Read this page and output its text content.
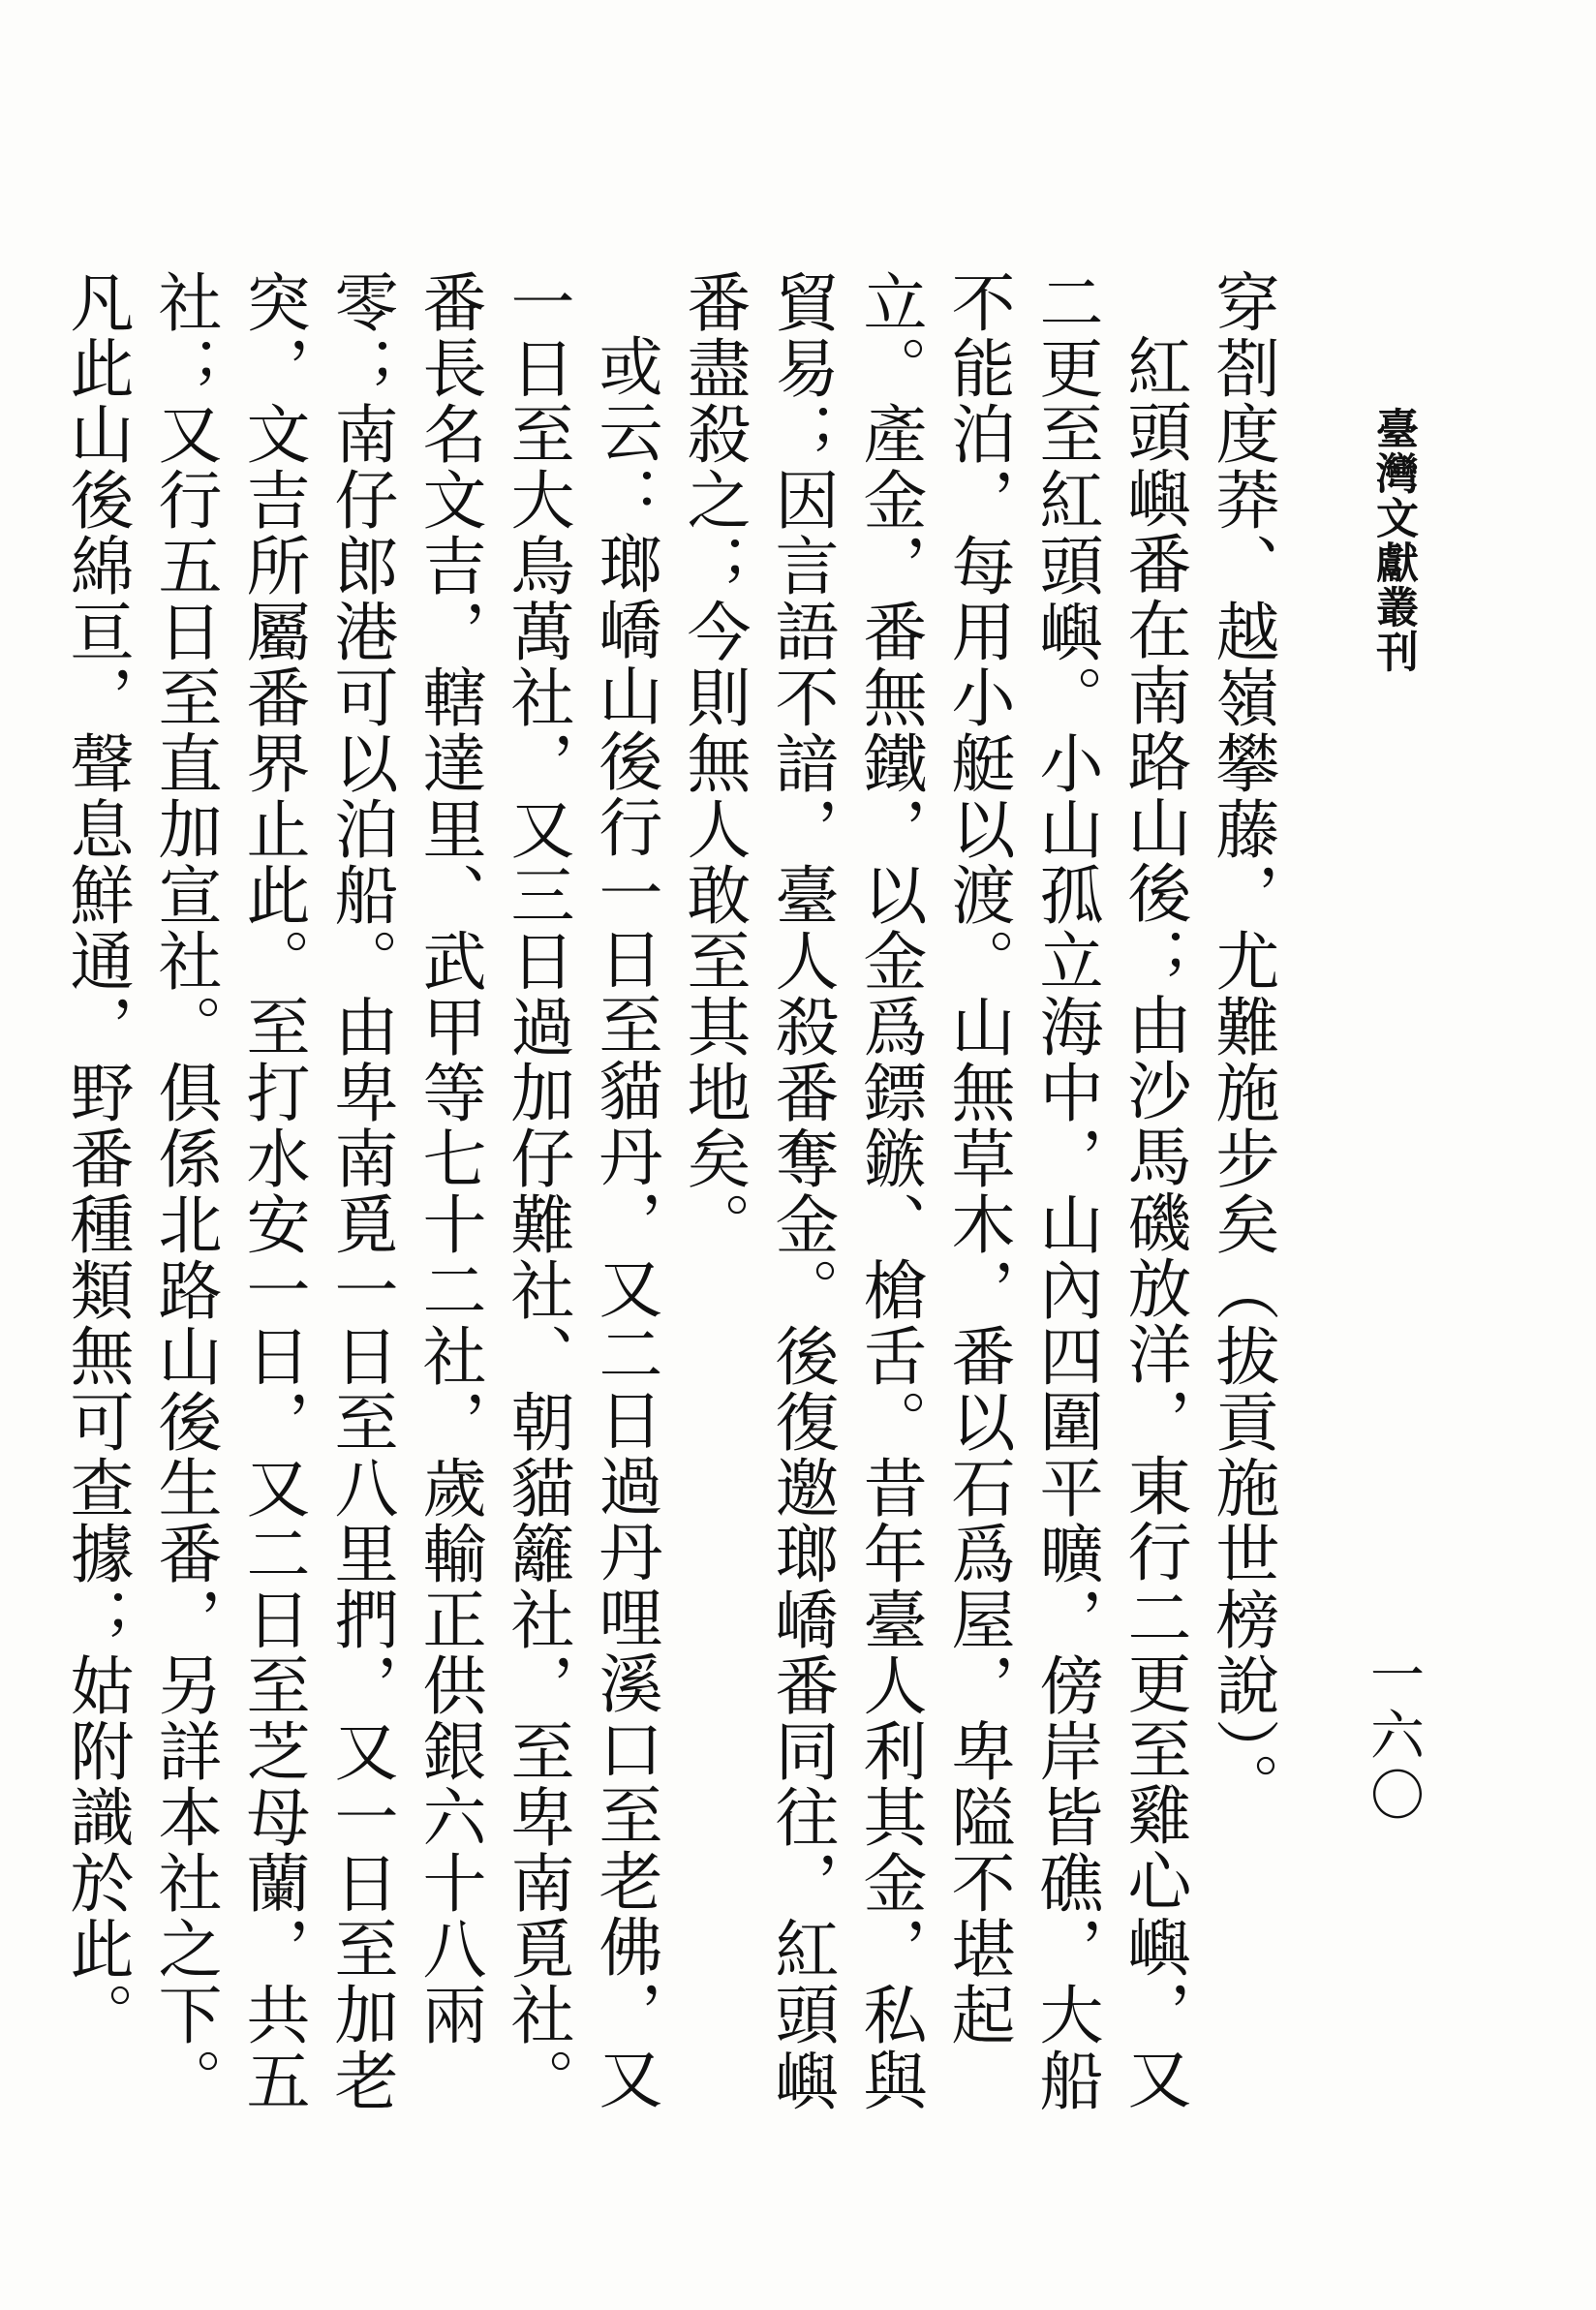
臺灣文獻叢刊
一六〇

穿剳度莽、越嶺攀藤，尤難施步矣（拔貢施世榜說）。

紅頭嶼番在南路山後；由沙馬磯放洋，東行二更至雞心嶼，又二更至紅頭嶼。小山孤立海中，山內四圍平曠，傍岸皆礁，大船不能泊，每用小艇以渡。山無草木，番以石爲屋，卑隘不堪起立。產金，番無鐵，以金爲鏢鏃、槍舌。昔年臺人利其金，私與貿易；因言語不諳，臺人殺番奪金。後復邀瑯嶠番同往，紅頭嶼番盡殺之；今則無人敢至其地矣。

或云：瑯嶠山後行一日至貓丹，又二日過丹哩溪口至老佛，又一日至大鳥萬社，又三日過加仔難社、朝貓籬社，至卑南覓社。番長名文吉，轄達里、武甲等七十二社，歲輸正供銀六十八兩零；南仔郎港可以泊船。由卑南覓一日至八里捫，又一日至加老突，文吉所屬番界止此。至打水安一日，又二日至芝母蘭，共五社；又行五日至直加宣社。俱係北路山後生番，另詳本社之下。凡此山後綿亘，聲息鮮通，野番種類無可查據；姑附識於此。
